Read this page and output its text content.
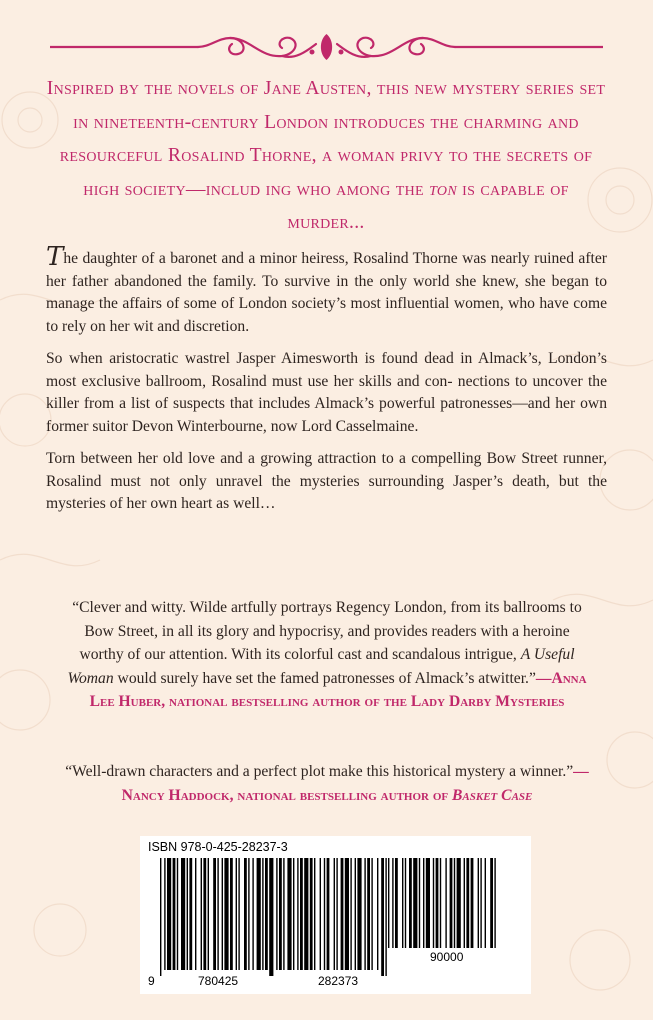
Inspired by the novels of Jane Austen, this new mystery series set in nineteenth-century London introduces the charming and resourceful Rosalind Thorne, a woman privy to the secrets of high society—includ ing who among the ton is capable of murder...

The daughter of a baronet and a minor heiress, Rosalind Thorne was nearly ruined after her father abandoned the family. To survive in the only world she knew, she began to manage the affairs of some of London society’s most influential women, who have come to rely on her wit and discretion.

So when aristocratic wastrel Jasper Aimesworth is found dead in Almack’s, London’s most exclusive ballroom, Rosalind must use her skills and con- nections to uncover the killer from a list of suspects that includes Almack’s powerful patronesses—and her own former suitor Devon Winterbourne, now Lord Casselmaine.

Torn between her old love and a growing attraction to a compelling Bow Street runner, Rosalind must not only unravel the mysteries surrounding Jasper’s death, but the mysteries of her own heart as well…

“Clever and witty. Wilde artfully portrays Regency London, from its ballrooms to Bow Street, in all its glory and hypocrisy, and provides readers with a heroine worthy of our attention. With its colorful cast and scandalous intrigue, A Useful Woman would surely have set the famed patronesses of Almack’s atwitter.”—Anna Lee Huber, national bestselling author of the Lady Darby Mysteries

“Well-drawn characters and a perfect plot make this historical mystery a winner.”—Nancy Haddock, national bestselling author of Basket Case

ISBN 978-0-425-28237-3
9	780425	282373
90000
